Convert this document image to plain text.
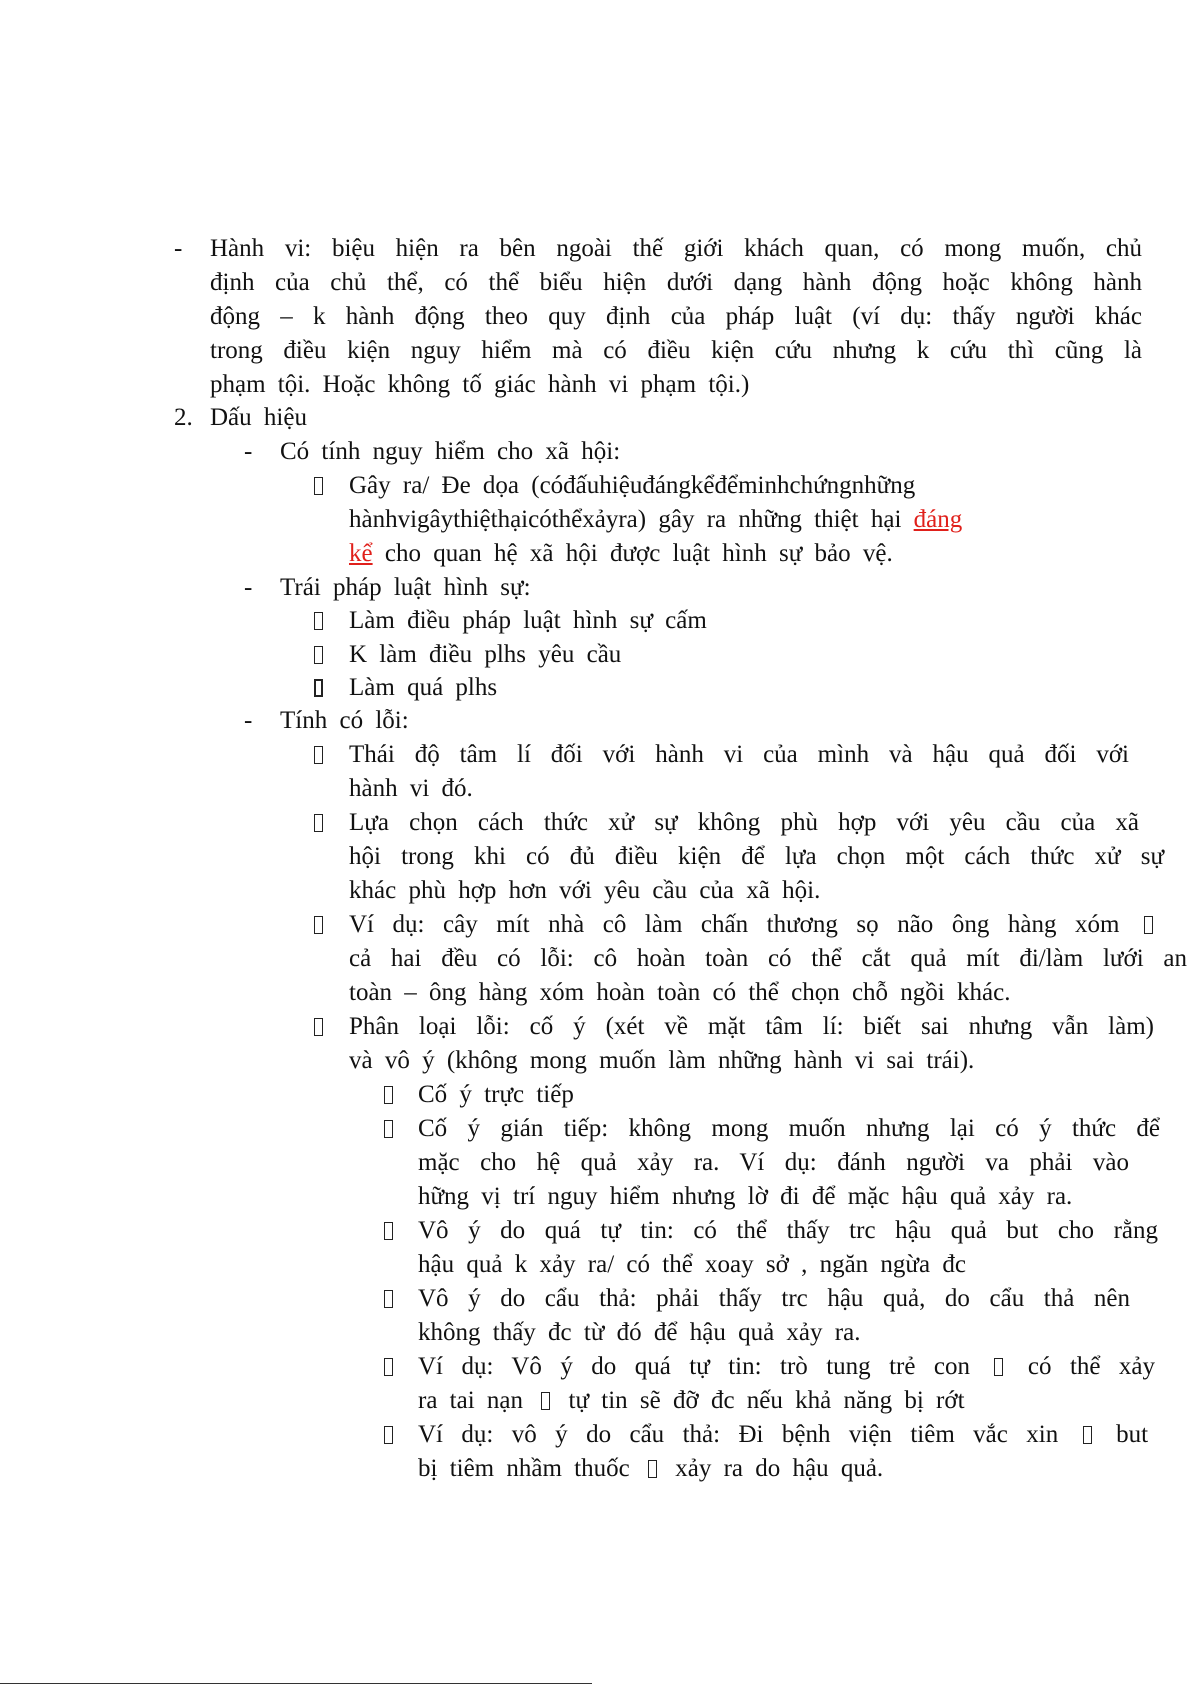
- Hành vi: biệu hiện ra bên ngoài thế giới khách quan, có mong muốn, chủ
định của chủ thể, có thể biểu hiện dưới dạng hành động hoặc không hành
động – k hành động theo quy định của pháp luật (ví dụ: thấy người khác
trong điều kiện nguy hiểm mà có điều kiện cứu nhưng k cứu thì cũng là
phạm tội. Hoặc không tố giác hành vi phạm tội.)
2. Dấu hiệu
- Có tính nguy hiểm cho xã hội:
Gây ra/ Đe dọa (cóđấuhiệuđángkểđểminhchứngnhững
hànhvigâythiệthạicóthểxảyra) gây ra những thiệt hại đáng
kể cho quan hệ xã hội được luật hình sự bảo vệ.
- Trái pháp luật hình sự:
Làm điều pháp luật hình sự cấm
K làm điều plhs yêu cầu
Làm quá plhs
- Tính có lỗi:
Thái độ tâm lí đối với hành vi của mình và hậu quả đối với
hành vi đó.
Lựa chọn cách thức xử sự không phù hợp với yêu cầu của xã
hội trong khi có đủ điều kiện để lựa chọn một cách thức xử sự
khác phù hợp hơn với yêu cầu của xã hội.
Ví dụ: cây mít nhà cô làm chấn thương sọ não ông hàng xóm
cả hai đều có lỗi: cô hoàn toàn có thể cắt quả mít đi/làm lưới an
toàn – ông hàng xóm hoàn toàn có thể chọn chỗ ngồi khác.
Phân loại lỗi: cố ý (xét về mặt tâm lí: biết sai nhưng vẫn làm)
và vô ý (không mong muốn làm những hành vi sai trái).
Cố ý trực tiếp
Cố ý gián tiếp: không mong muốn nhưng lại có ý thức để
mặc cho hệ quả xảy ra. Ví dụ: đánh người va phải vào
hững vị trí nguy hiểm nhưng lờ đi để mặc hậu quả xảy ra.
Vô ý do quá tự tin: có thể thấy trc hậu quả but cho rằng
hậu quả k xảy ra/ có thể xoay sở , ngăn ngừa đc
Vô ý do cẩu thả: phải thấy trc hậu quả, do cẩu thả nên
không thấy đc từ đó để hậu quả xảy ra.
Ví dụ: Vô ý do quá tự tin: trò tung trẻ con có thể xảy
ra tai nạn tự tin sẽ đỡ đc nếu khả năng bị rớt
Ví dụ: vô ý do cẩu thả: Đi bệnh viện tiêm vắc xin but
bị tiêm nhầm thuốc xảy ra do hậu quả.
